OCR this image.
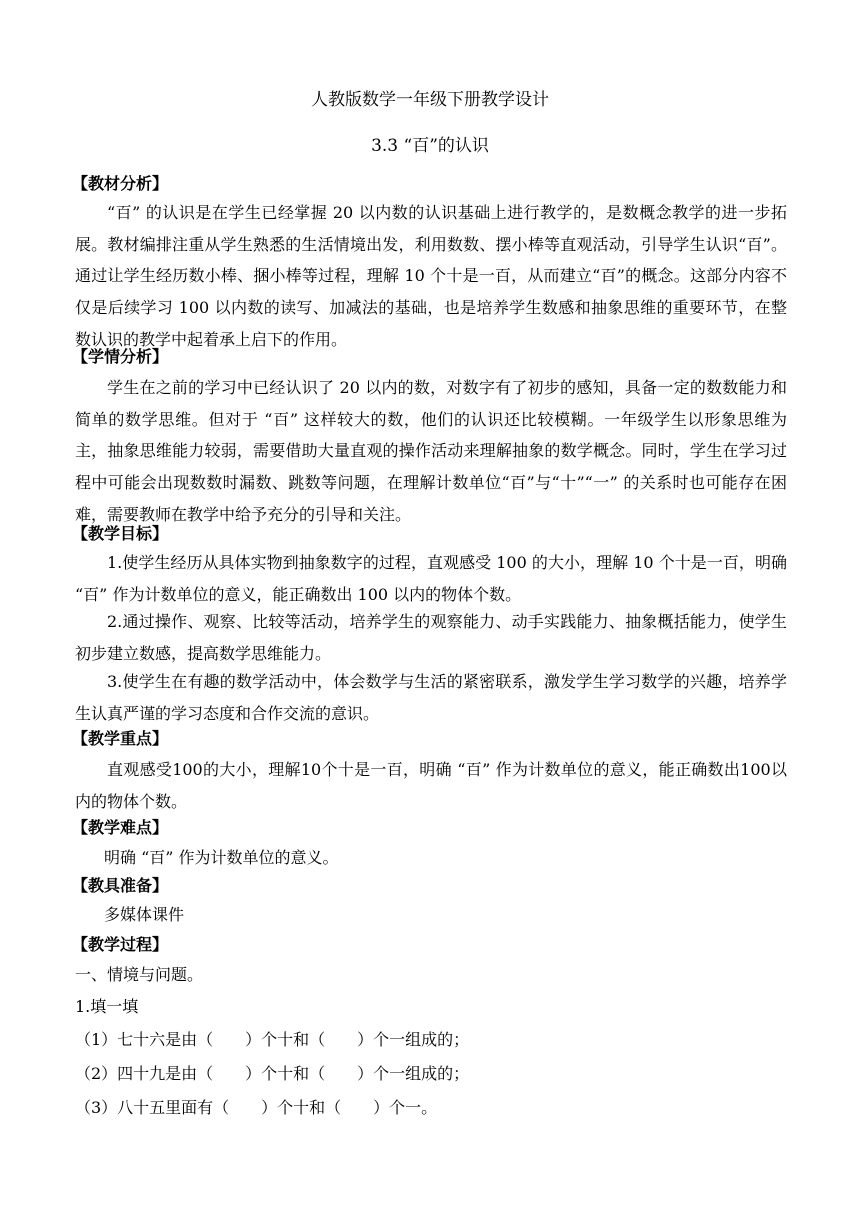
人教版数学一年级下册教学设计
3.3 “百”的认识
【教材分析】

“百” 的认识是在学生已经掌握 20 以内数的认识基础上进行教学的，是数概念教学的进一步拓展。教材编排注重从学生熟悉的生活情境出发，利用数数、摆小棒等直观活动，引导学生认识“百”。通过让学生经历数小棒、捆小棒等过程，理解 10 个十是一百，从而建立“百”的概念。这部分内容不仅是后续学习 100 以内数的读写、加减法的基础，也是培养学生数感和抽象思维的重要环节，在整数认识的教学中起着承上启下的作用。

【学情分析】

学生在之前的学习中已经认识了 20 以内的数，对数字有了初步的感知，具备一定的数数能力和简单的数学思维。但对于 “百” 这样较大的数，他们的认识还比较模糊。一年级学生以形象思维为主，抽象思维能力较弱，需要借助大量直观的操作活动来理解抽象的数学概念。同时，学生在学习过程中可能会出现数数时漏数、跳数等问题，在理解计数单位“百”与“十”“一” 的关系时也可能存在困难，需要教师在教学中给予充分的引导和关注。

【教学目标】

1.使学生经历从具体实物到抽象数字的过程，直观感受 100 的大小，理解 10 个十是一百，明确 “百” 作为计数单位的意义，能正确数出 100 以内的物体个数。

2.通过操作、观察、比较等活动，培养学生的观察能力、动手实践能力、抽象概括能力，使学生初步建立数感，提高数学思维能力。

3.使学生在有趣的数学活动中，体会数学与生活的紧密联系，激发学生学习数学的兴趣，培养学生认真严谨的学习态度和合作交流的意识。

【教学重点】

直观感受100的大小，理解10个十是一百，明确 “百” 作为计数单位的意义，能正确数出100以内的物体个数。

【教学难点】
明确 “百” 作为计数单位的意义。
【教具准备】
多媒体课件
【教学过程】
一、情境与问题。
1.填一填
（1）七十六是由（　　）个十和（　　）个一组成的；
（2）四十九是由（　　）个十和（　　）个一组成的；
（3）八十五里面有（　　）个十和（　　）个一。
